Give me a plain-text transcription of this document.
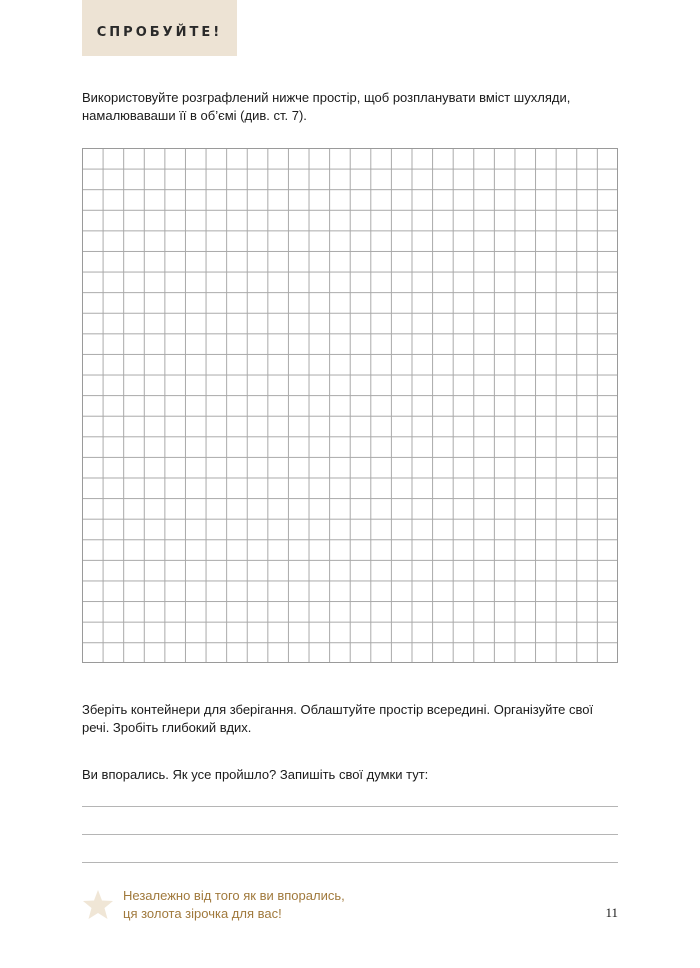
СПРОБУЙТЕ!
Використовуйте розграфлений нижче простір, щоб розпланувати вміст шухляди,
намалюваваши її в об’ємі (див. ст. 7).
Зберіть контейнери для зберігання. Облаштуйте простір всередині. Організуйте свої
речі. Зробіть глибокий вдих.
Ви впорались. Як усе пройшло? Запишіть свої думки тут:
Незалежно від того як ви впорались,
ця золота зірочка для вас!	11
